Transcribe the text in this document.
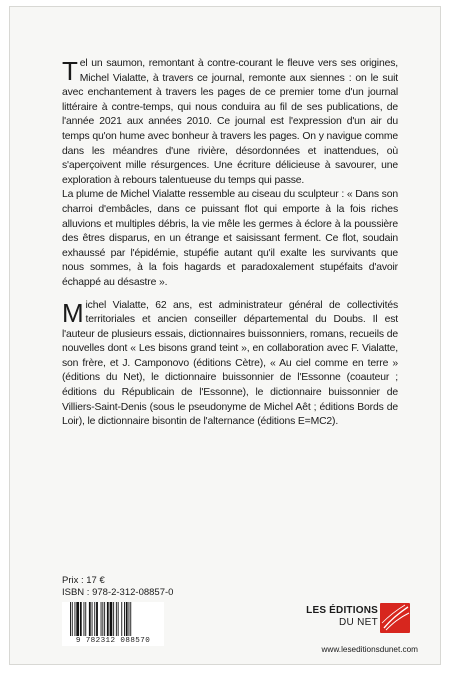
Tel un saumon, remontant à contre-courant le fleuve vers ses origines, Michel Vialatte, à travers ce journal, remonte aux siennes : on le suit avec enchantement à travers les pages de ce premier tome d'un journal littéraire à contre-temps, qui nous conduira au fil de ses publications, de l'année 2021 aux années 2010. Ce journal est l'expression d'un air du temps qu'on hume avec bonheur à travers les pages. On y navigue comme dans les méandres d'une rivière, désordonnées et inattendues, où s'aperçoivent mille résurgences. Une écriture délicieuse à savourer, une exploration à rebours talentueuse du temps qui passe.

La plume de Michel Vialatte ressemble au ciseau du sculpteur : « Dans son charroi d'embâcles, dans ce puissant flot qui emporte à la fois riches alluvions et multiples débris, la vie mêle les germes à éclore à la poussière des êtres disparus, en un étrange et saisissant ferment. Ce flot, soudain exhaussé par l'épidémie, stupéfie autant qu'il exalte les survivants que nous sommes, à la fois hagards et paradoxalement stupéfaits d'avoir échappé au désastre ».

Michel Vialatte, 62 ans, est administrateur général de collectivités territoriales et ancien conseiller départemental du Doubs. Il est l'auteur de plusieurs essais, dictionnaires buissonniers, romans, recueils de nouvelles dont « Les bisons grand teint », en collaboration avec F. Vialatte, son frère, et J. Camponovo (éditions Cètre), « Au ciel comme en terre » (éditions du Net), le dictionnaire buissonnier de l'Essonne (coauteur ; éditions du Républicain de l'Essonne), le dictionnaire buissonnier de Villiers-Saint-Denis (sous le pseudonyme de Michel Aêt ; éditions Bords de Loir), le dictionnaire bisontin de l'alternance (éditions E=MC2).

Prix : 17 €
ISBN : 978-2-312-08857-0
9 782312 088570
LES ÉDITIONS
DU NET
www.leseditionsdunet.com
